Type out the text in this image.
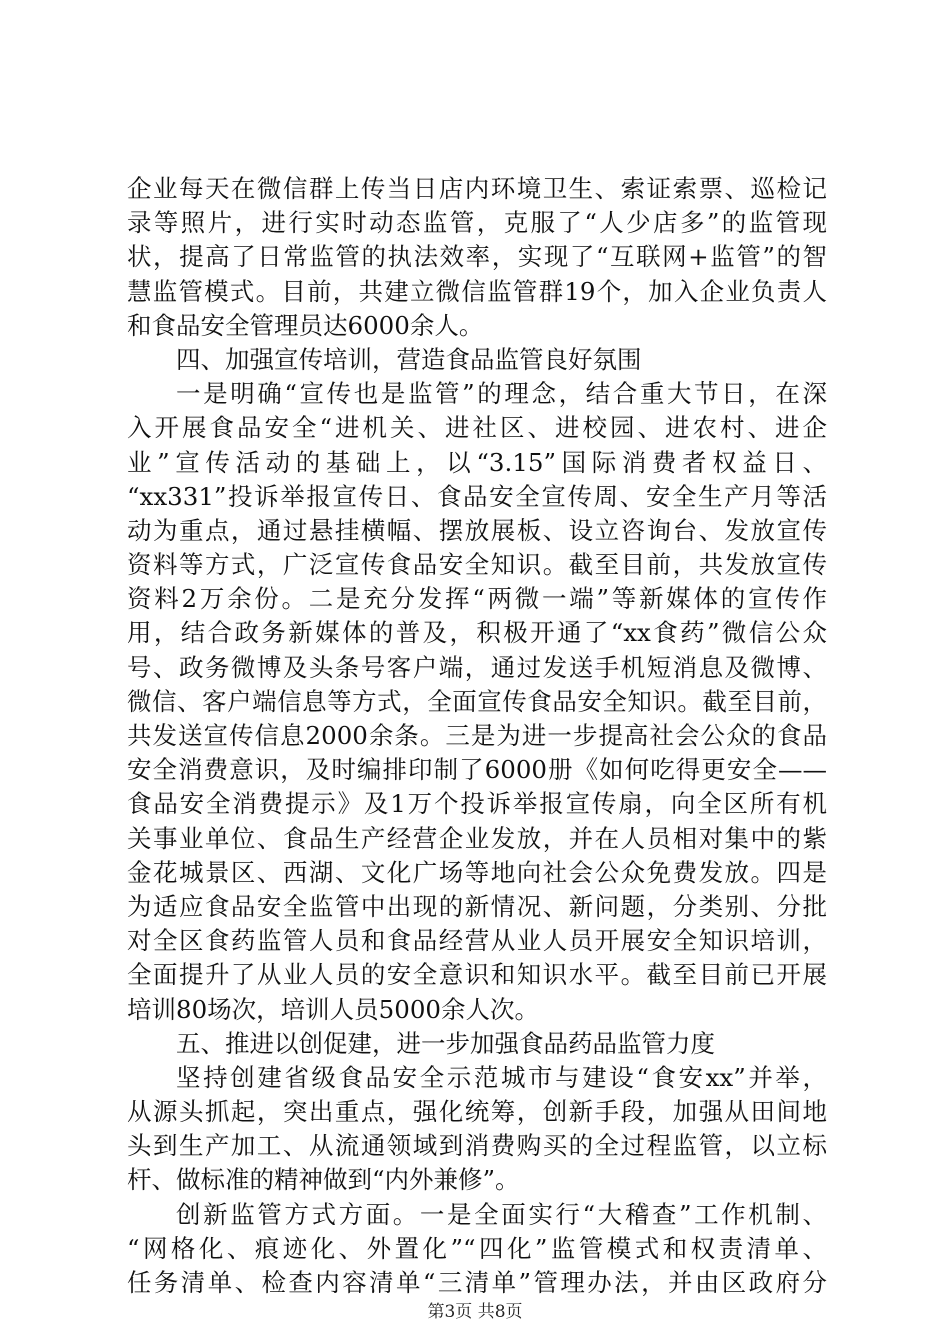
企业每天在微信群上传当日店内环境卫生、索证索票、巡检记
录等照片，进行实时动态监管，克服了“人少店多”的监管现
状，提高了日常监管的执法效率，实现了“互联网+监管”的智
慧监管模式。目前，共建立微信监管群19个，加入企业负责人
和食品安全管理员达6000余人。
四、加强宣传培训，营造食品监管良好氛围
一是明确“宣传也是监管”的理念，结合重大节日，在深
入开展食品安全“进机关、进社区、进校园、进农村、进企
业”宣传活动的基础上，以“3.15”国际消费者权益日、
“xx331”投诉举报宣传日、食品安全宣传周、安全生产月等活
动为重点，通过悬挂横幅、摆放展板、设立咨询台、发放宣传
资料等方式，广泛宣传食品安全知识。截至目前，共发放宣传
资料2万余份。二是充分发挥“两微一端”等新媒体的宣传作
用，结合政务新媒体的普及，积极开通了“xx食药”微信公众
号、政务微博及头条号客户端，通过发送手机短消息及微博、
微信、客户端信息等方式，全面宣传食品安全知识。截至目前，
共发送宣传信息2000余条。三是为进一步提高社会公众的食品
安全消费意识，及时编排印制了6000册《如何吃得更安全——
食品安全消费提示》及1万个投诉举报宣传扇，向全区所有机
关事业单位、食品生产经营企业发放，并在人员相对集中的紫
金花城景区、西湖、文化广场等地向社会公众免费发放。四是
为适应食品安全监管中出现的新情况、新问题，分类别、分批
对全区食药监管人员和食品经营从业人员开展安全知识培训，
全面提升了从业人员的安全意识和知识水平。截至目前已开展
培训80场次，培训人员5000余人次。
五、推进以创促建，进一步加强食品药品监管力度
坚持创建省级食品安全示范城市与建设“食安xx”并举，
从源头抓起，突出重点，强化统筹，创新手段，加强从田间地
头到生产加工、从流通领域到消费购买的全过程监管，以立标
杆、做标准的精神做到“内外兼修”。
创新监管方式方面。一是全面实行“大稽查”工作机制、
“网格化、痕迹化、外置化”“四化”监管模式和权责清单、
任务清单、检查内容清单“三清单”管理办法，并由区政府分
第3页 共8页
